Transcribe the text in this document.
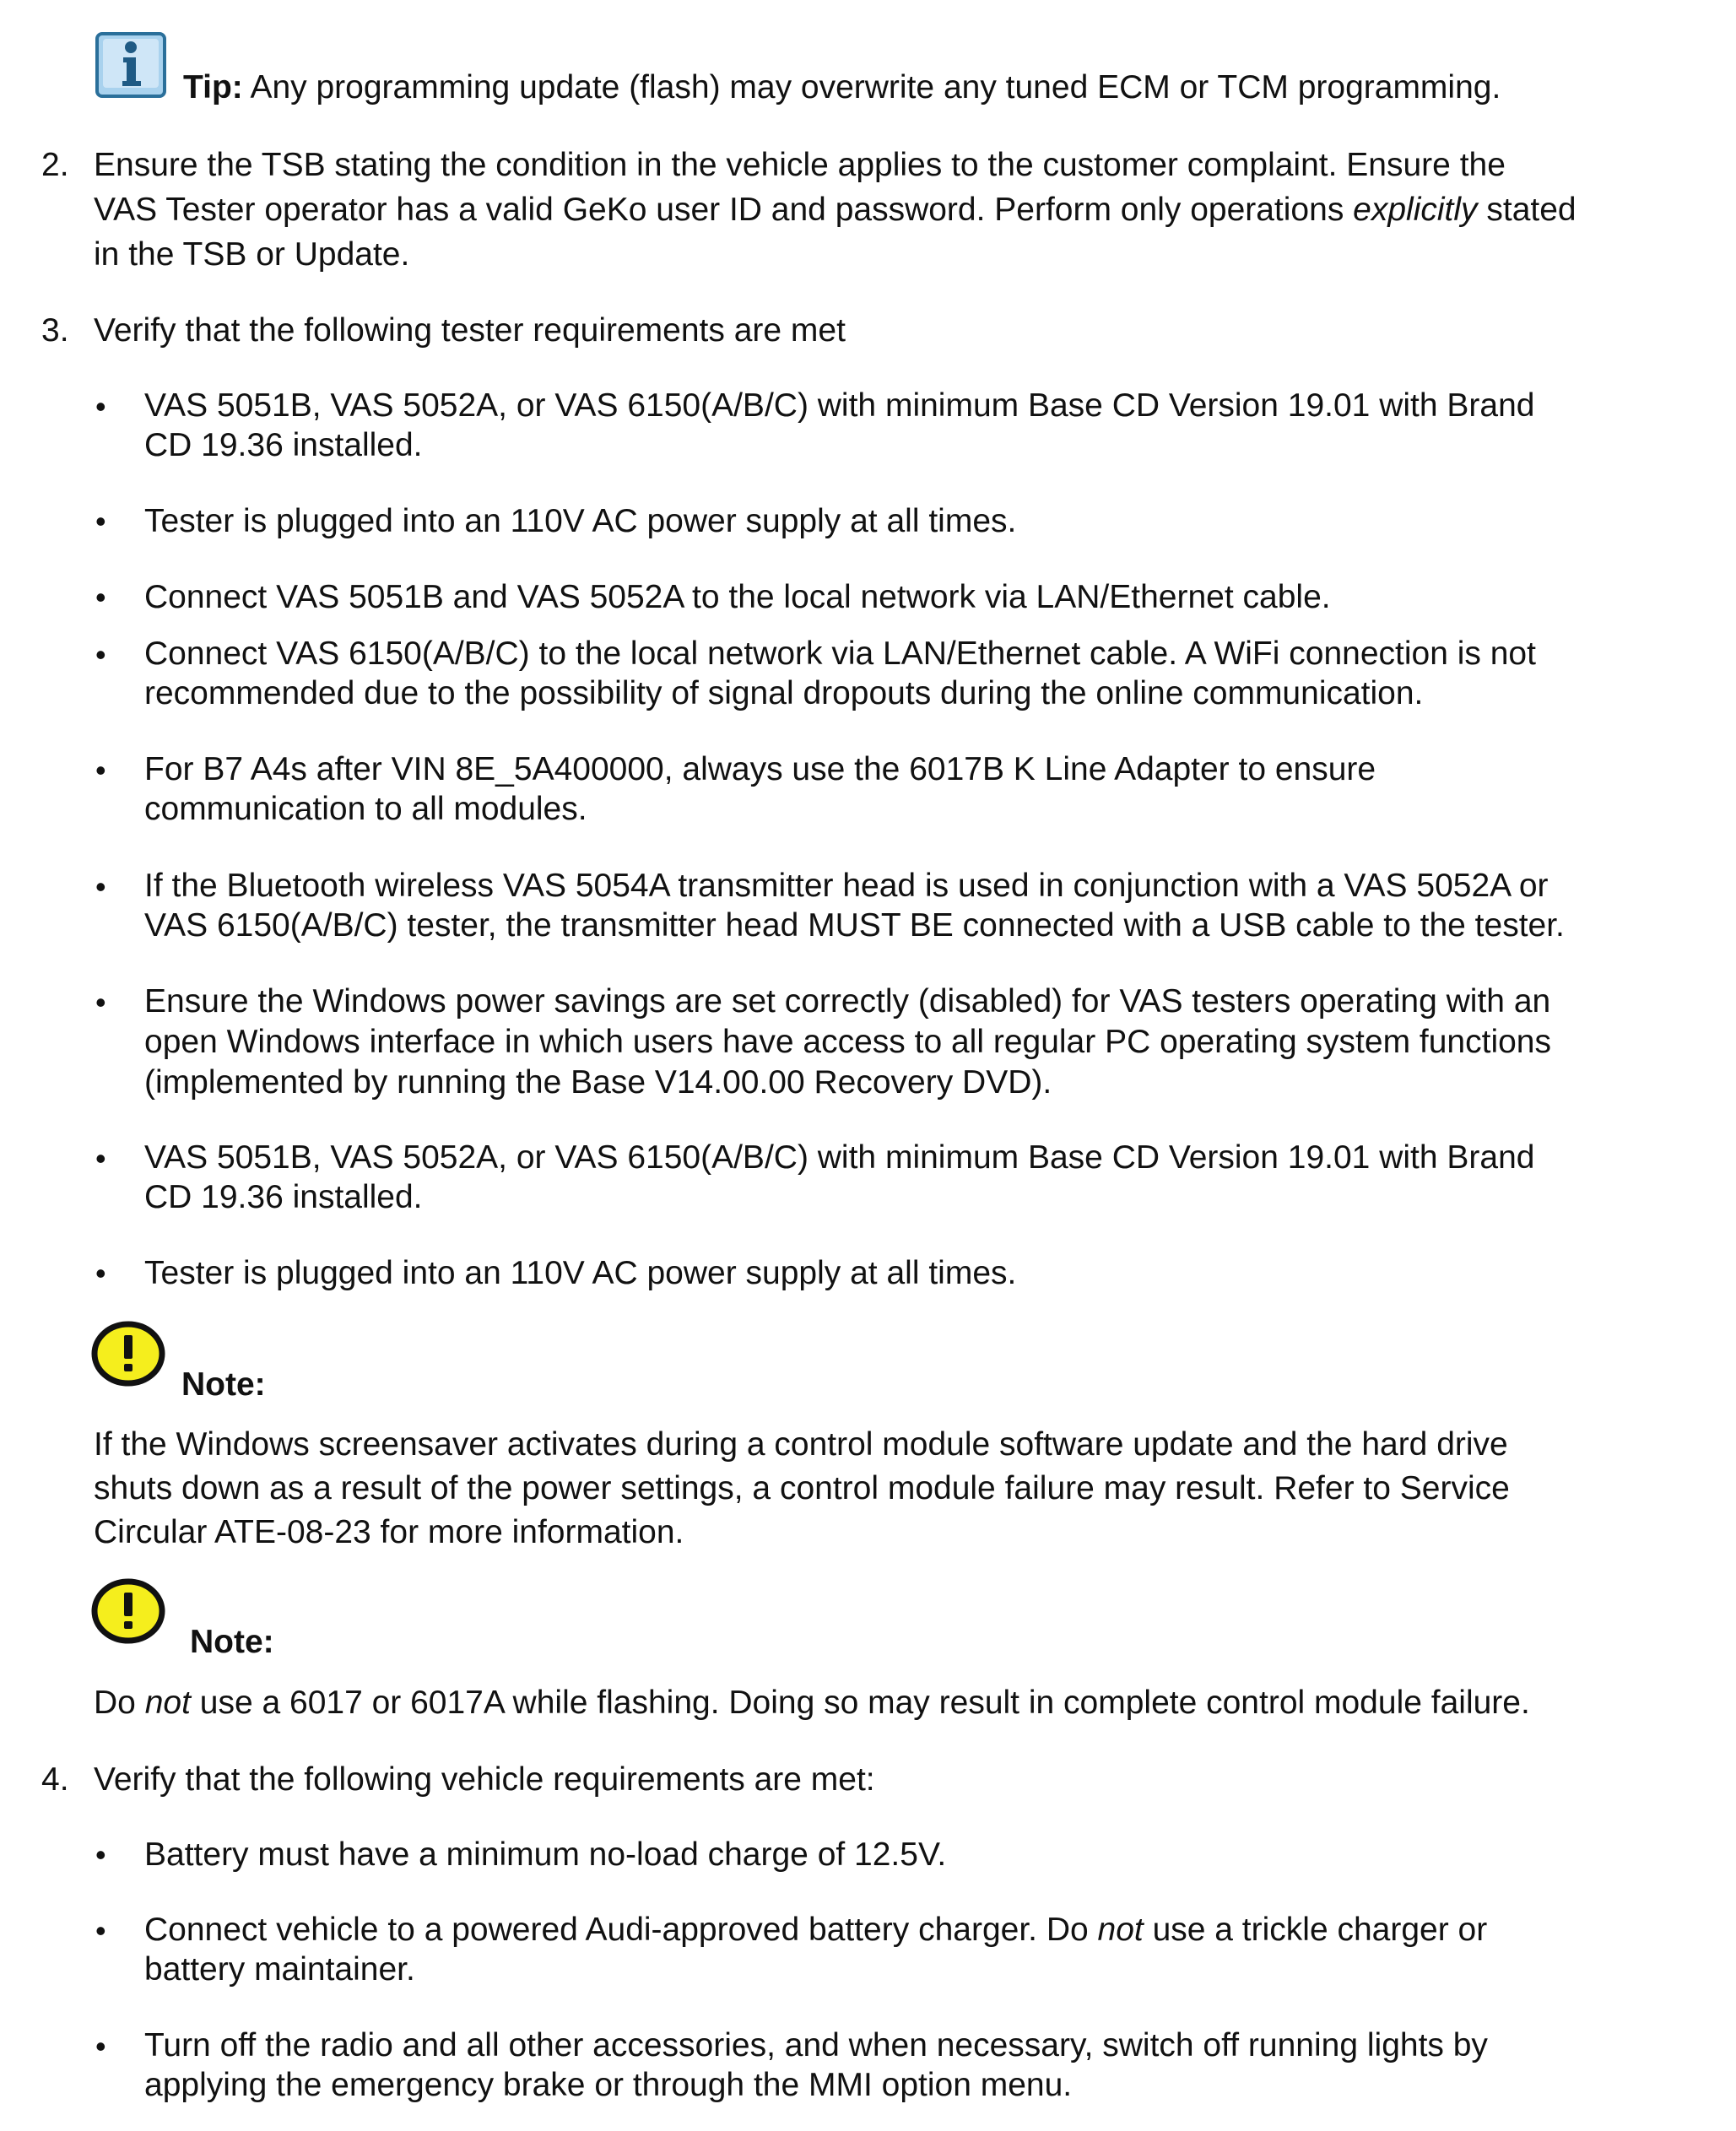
Tip: Any programming update (flash) may overwrite any tuned ECM or TCM programming.
2. Ensure the TSB stating the condition in the vehicle applies to the customer complaint. Ensure the
VAS Tester operator has a valid GeKo user ID and password. Perform only operations explicitly stated
in the TSB or Update.
3. Verify that the following tester requirements are met
•	VAS 5051B, VAS 5052A, or VAS 6150(A/B/C) with minimum Base CD Version 19.01 with Brand
CD 19.36 installed.
•	Tester is plugged into an 110V AC power supply at all times.
•	Connect VAS 5051B and VAS 5052A to the local network via LAN/Ethernet cable.
•	Connect VAS 6150(A/B/C) to the local network via LAN/Ethernet cable. A WiFi connection is not
recommended due to the possibility of signal dropouts during the online communication.
•	For B7 A4s after VIN 8E_5A400000, always use the 6017B K Line Adapter to ensure
communication to all modules.
•	If the Bluetooth wireless VAS 5054A transmitter head is used in conjunction with a VAS 5052A or
VAS 6150(A/B/C) tester, the transmitter head MUST BE connected with a USB cable to the tester.
•	Ensure the Windows power savings are set correctly (disabled) for VAS testers operating with an
open Windows interface in which users have access to all regular PC operating system functions
(implemented by running the Base V14.00.00 Recovery DVD).
•	VAS 5051B, VAS 5052A, or VAS 6150(A/B/C) with minimum Base CD Version 19.01 with Brand
CD 19.36 installed.
•	Tester is plugged into an 110V AC power supply at all times.
Note:
If the Windows screensaver activates during a control module software update and the hard drive
shuts down as a result of the power settings, a control module failure may result. Refer to Service
Circular ATE-08-23 for more information.
Note:
Do not use a 6017 or 6017A while flashing. Doing so may result in complete control module failure.
4. Verify that the following vehicle requirements are met:
•	Battery must have a minimum no-load charge of 12.5V.
•	Connect vehicle to a powered Audi-approved battery charger. Do not use a trickle charger or
battery maintainer.
•	Turn off the radio and all other accessories, and when necessary, switch off running lights by
applying the emergency brake or through the MMI option menu.
